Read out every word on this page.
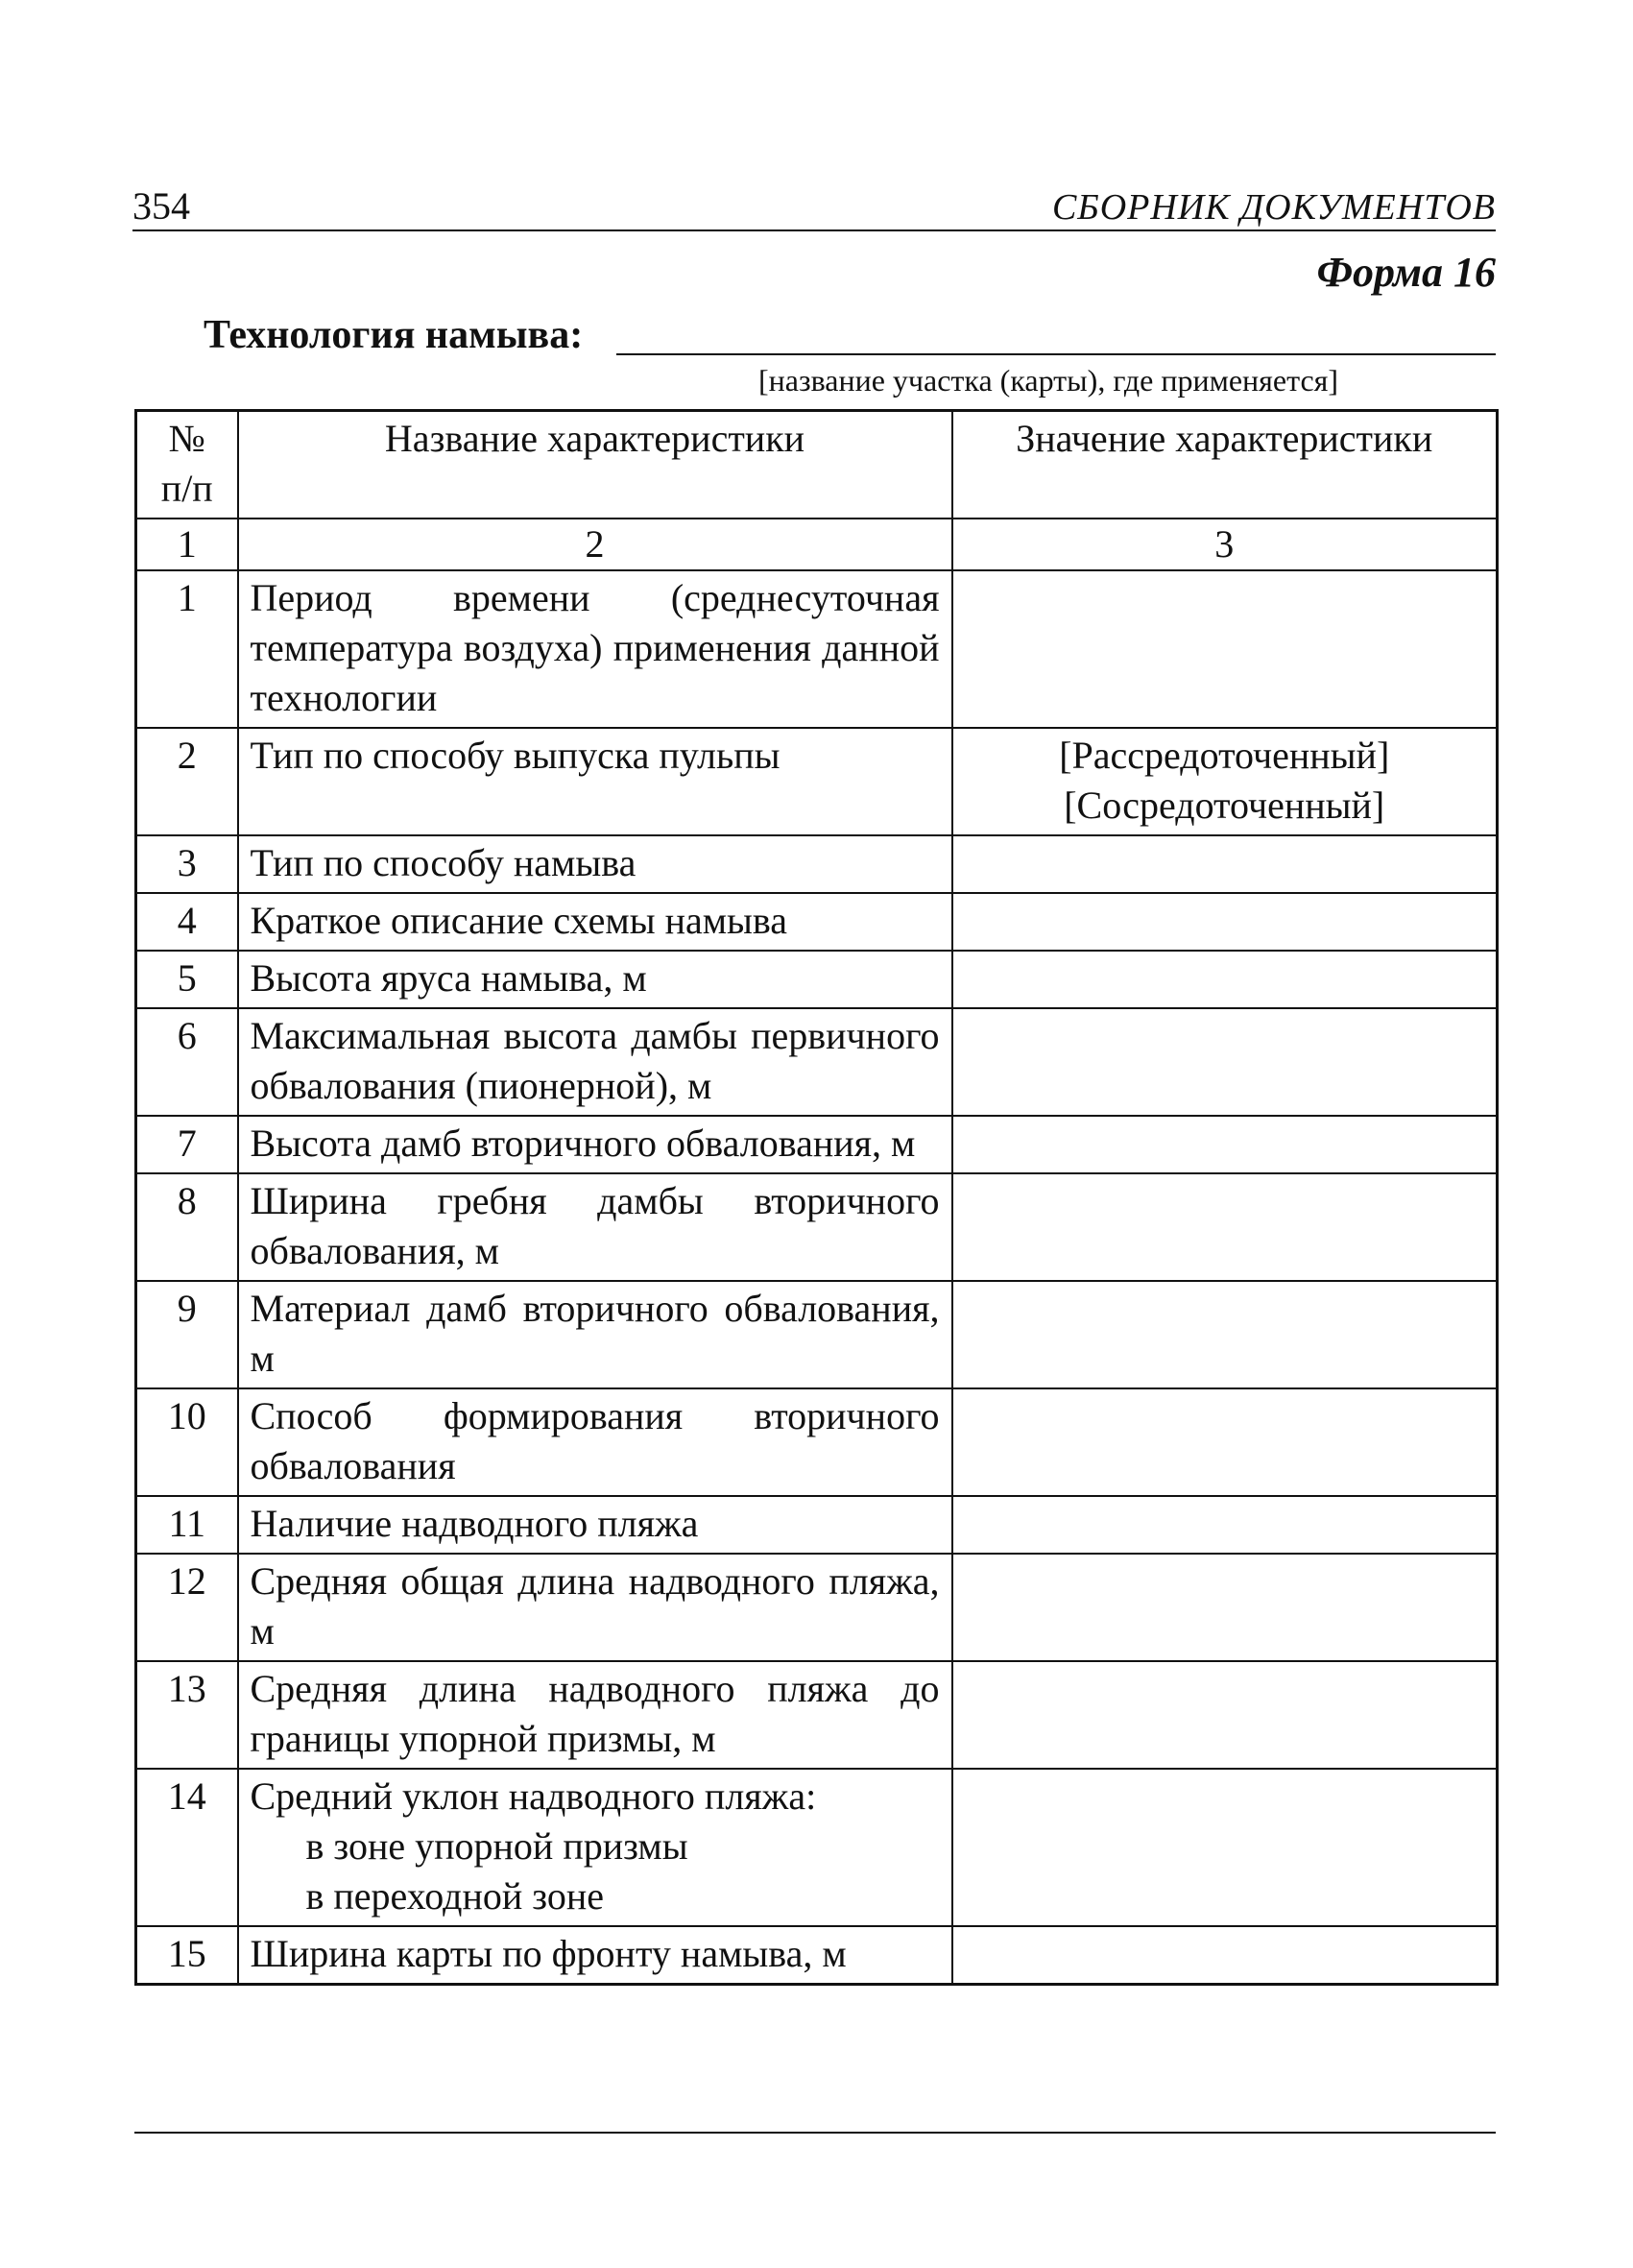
354	СБОРНИК ДОКУМЕНТОВ
Форма 16
Технология намыва:
[название участка (карты), где применяется]
№
п/п	Название характеристики	Значение характеристики
1	2	3
1	Период времени (среднесуточная температура воздуха) применения данной технологии	
2	Тип по способу выпуска пульпы	[Рассредоточенный]
[Сосредоточенный]
3	Тип по способу намыва	
4	Краткое описание схемы намыва	
5	Высота яруса намыва, м	
6	Максимальная высота дамбы первичного обвалования (пионерной), м	
7	Высота дамб вторичного обвалования, м	
8	Ширина гребня дамбы вторичного обвалования, м	
9	Материал дамб вторичного обвалования, м	
10	Способ формирования вторичного обвалования	
11	Наличие надводного пляжа	
12	Средняя общая длина надводного пляжа, м	
13	Средняя длина надводного пляжа до границы упорной призмы, м	
14	Средний уклон надводного пляжа:
в зоне упорной призмы
в переходной зоне	

15	Ширина карты по фронту намыва, м	
